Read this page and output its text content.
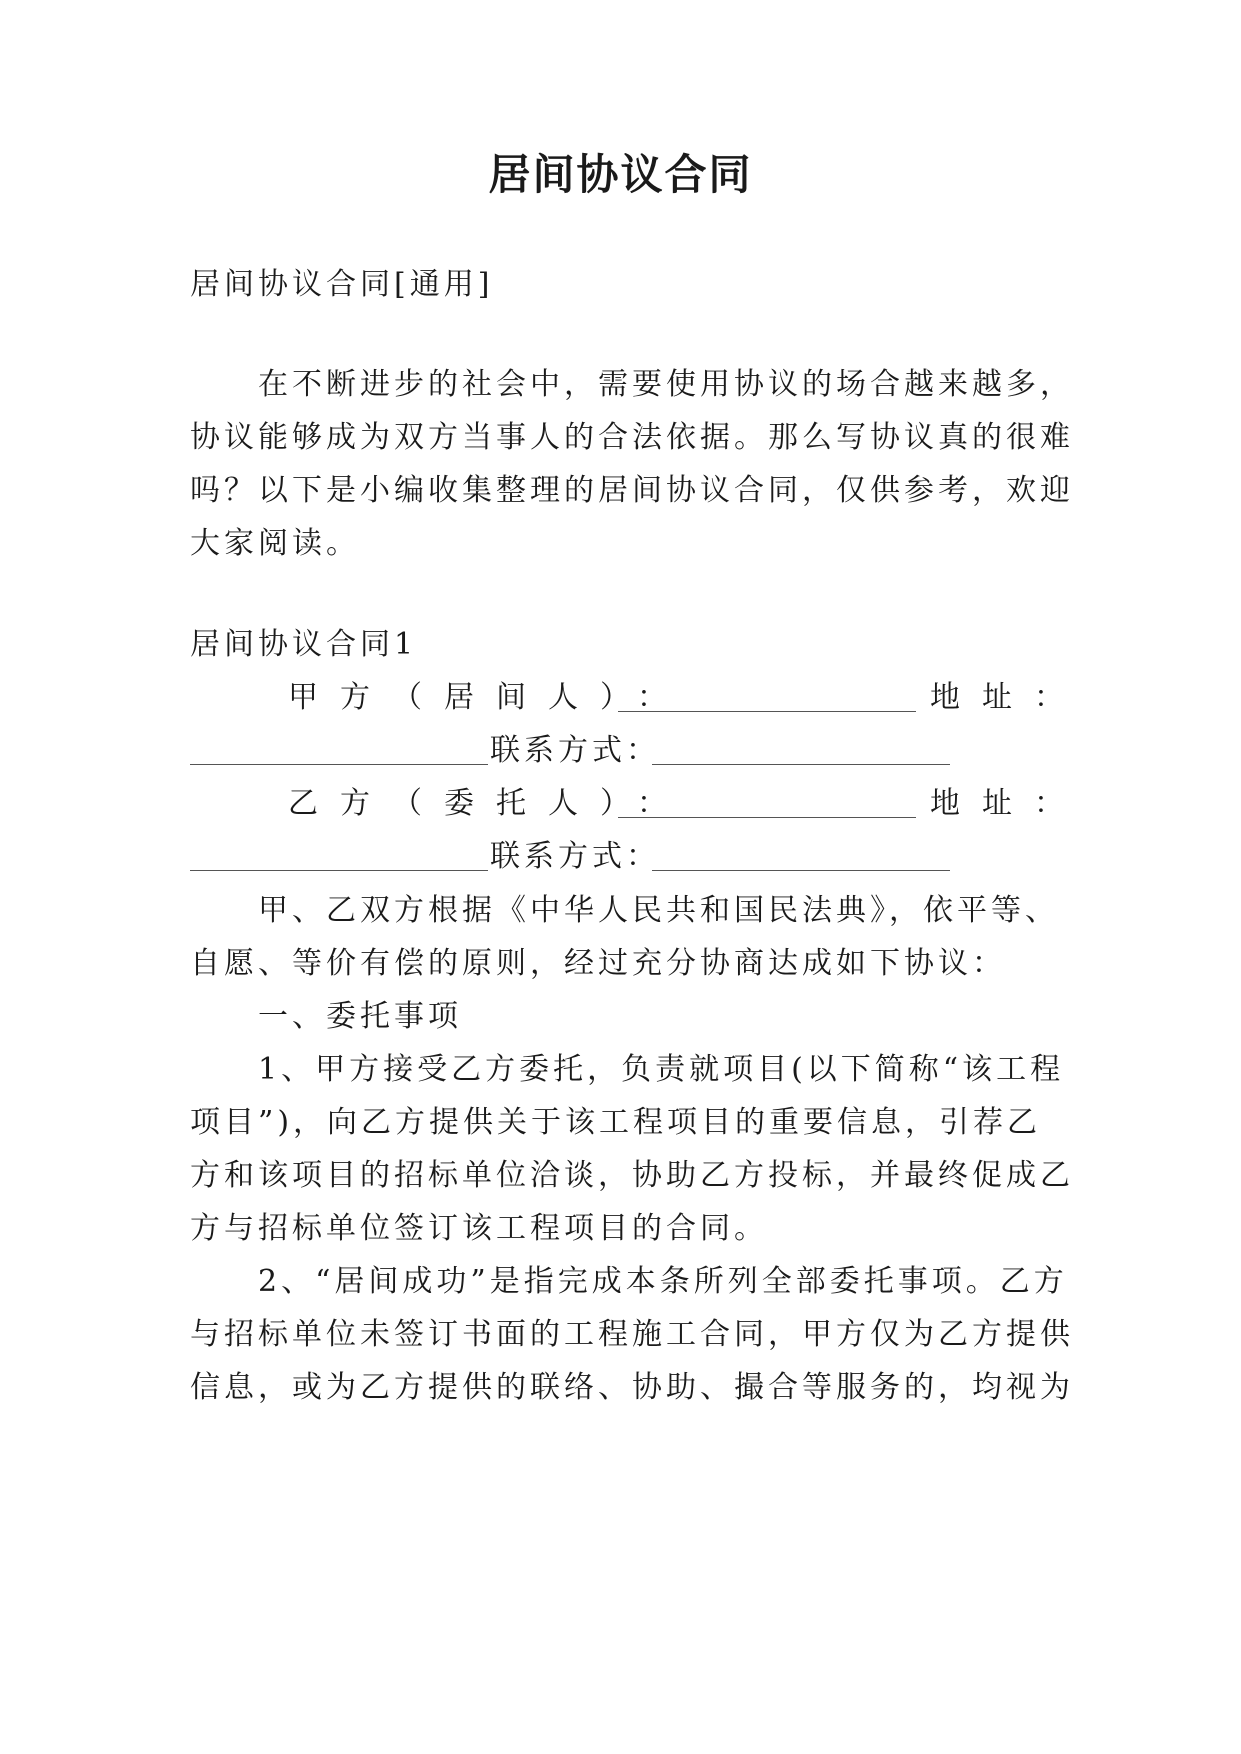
居间协议合同
居间协议合同[通用]
在不断进步的社会中，需要使用协议的场合越来越多，
协议能够成为双方当事人的合法依据。那么写协议真的很难
吗？以下是小编收集整理的居间协议合同，仅供参考，欢迎
大家阅读。
居间协议合同1
甲方（居间人）：	地址：
联系方式：
乙方（委托人）：	地址：
联系方式：
甲、乙双方根据《中华人民共和国民法典》，依平等、
自愿、等价有偿的原则，经过充分协商达成如下协议：
一、委托事项
1、甲方接受乙方委托，负责就项目(以下简称“该工程
项目”)，向乙方提供关于该工程项目的重要信息，引荐乙
方和该项目的招标单位洽谈，协助乙方投标，并最终促成乙
方与招标单位签订该工程项目的合同。
2、“居间成功”是指完成本条所列全部委托事项。乙方
与招标单位未签订书面的工程施工合同，甲方仅为乙方提供
信息，或为乙方提供的联络、协助、撮合等服务的，均视为
